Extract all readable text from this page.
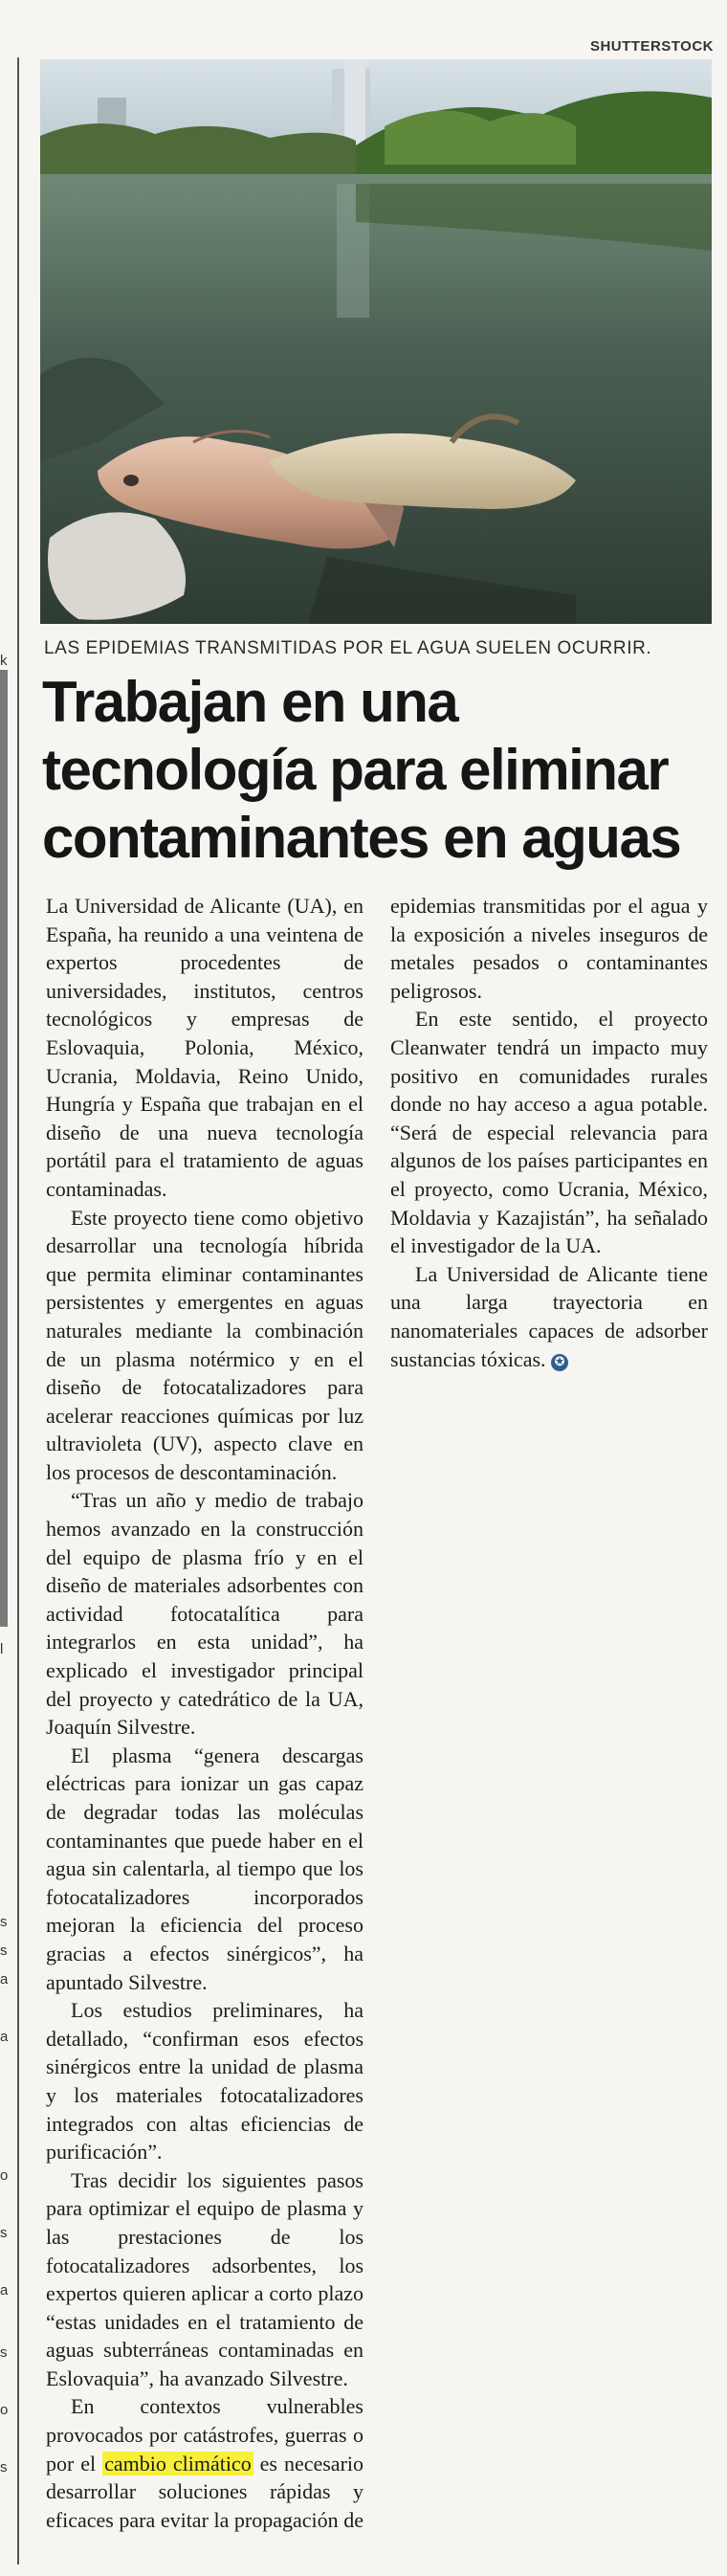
SHUTTERSTOCK
k
l
s
s
a
a
o
s
a
s
o
s
LAS EPIDEMIAS TRANSMITIDAS POR EL AGUA SUELEN OCURRIR.
Trabajan en una tecnología para eliminar contaminantes en aguas

La Universidad de Alicante (UA), en España, ha reunido a una veintena de expertos procedentes de universidades, institutos, centros tecnológicos y empresas de Eslovaquia, Polonia, México, Ucrania, Moldavia, Reino Unido, Hungría y España que trabajan en el diseño de una nueva tecnología portátil para el tratamiento de aguas contaminadas.

Este proyecto tiene como objetivo desarrollar una tecnología híbrida que permita eliminar contaminantes persistentes y emergentes en aguas naturales mediante la combinación de un plasma notérmico y en el diseño de fotocatalizadores para acelerar reacciones químicas por luz ultravioleta (UV), aspecto clave en los procesos de descontaminación.

“Tras un año y medio de trabajo hemos avanzado en la construcción del equipo de plasma frío y en el diseño de materiales adsorbentes con actividad fotocatalítica para integrarlos en esta unidad”, ha explicado el investigador principal del proyecto y catedrático de la UA, Joaquín Silvestre.

El plasma “genera descargas eléctricas para ionizar un gas capaz de degradar todas las moléculas contaminantes que puede haber en el agua sin calentarla, al tiempo que los fotocatalizadores incorporados mejoran la eficiencia del proceso gracias a efectos sinérgicos”, ha apuntado Silvestre.

Los estudios preliminares, ha detallado, “confirman esos efectos sinérgicos entre la unidad de plasma y los materiales fotocatalizadores integrados con altas eficiencias de purificación”.

Tras decidir los siguientes pasos para optimizar el equipo de plasma y las prestaciones de los fotocatalizadores adsorbentes, los expertos quieren aplicar a corto plazo “estas unidades en el tratamiento de aguas subterráneas contaminadas en Eslovaquia”, ha avanzado Silvestre.

En contextos vulnerables provocados por catástrofes, guerras o por el cambio climático es necesario desarrollar soluciones rápidas y eficaces para evitar la propagación de epidemias transmitidas por el agua y la exposición a niveles inseguros de metales pesados o contaminantes peligrosos.

En este sentido, el proyecto Cleanwater tendrá un impacto muy positivo en comunidades rurales donde no hay acceso a agua potable. “Será de especial relevancia para algunos de los países participantes en el proyecto, como Ucrania, México, Moldavia y Kazajistán”, ha señalado el investigador de la UA.

La Universidad de Alicante tiene una larga trayectoria en nanomateriales capaces de adsorber sustancias tóxicas. ✪
